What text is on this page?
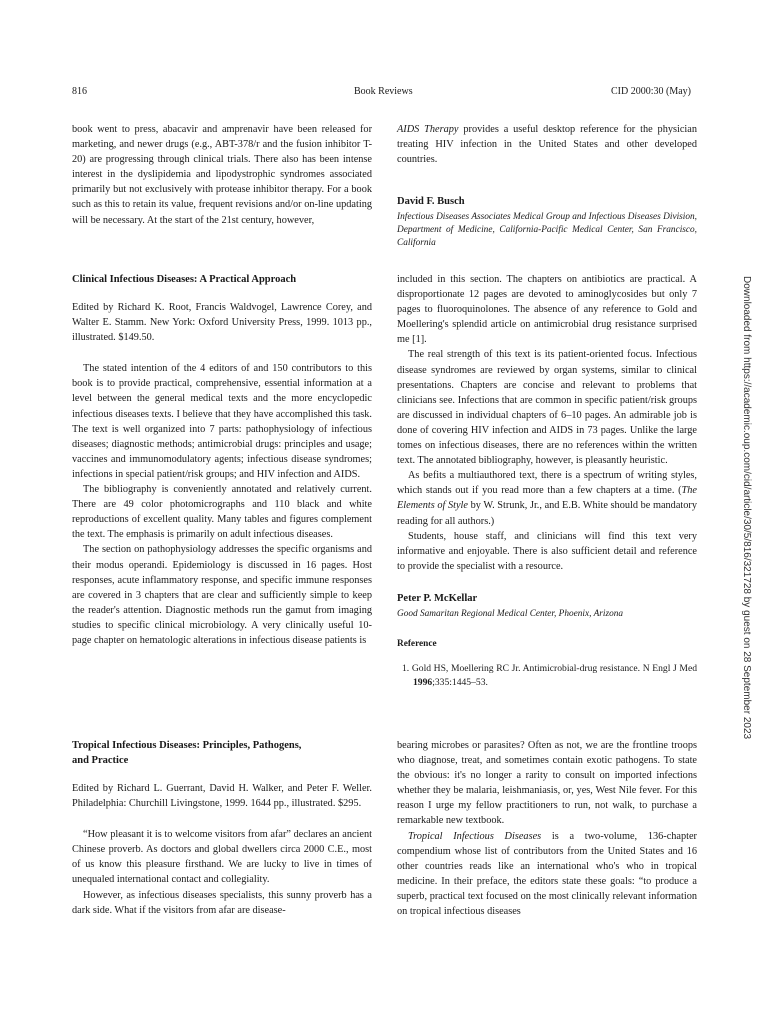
816	Book Reviews	CID 2000:30 (May)
Downloaded from https://academic.oup.com/cid/article/30/5/816/321728 by guest on 28 September 2023

book went to press, abacavir and amprenavir have been released for marketing, and newer drugs (e.g., ABT-378/r and the fusion inhibitor T-20) are progressing through clinical trials. There also has been intense interest in the dyslipidemia and lipodystrophic syndromes associated primarily but not exclusively with protease inhibitor therapy. For a book such as this to retain its value, frequent revisions and/or on-line updating will be necessary. At the start of the 21st century, however,

AIDS Therapy provides a useful desktop reference for the physician treating HIV infection in the United States and other developed countries.

David F. Busch

Infectious Diseases Associates Medical Group and Infectious Diseases Division, Department of Medicine, California-Pacific Medical Center, San Francisco, California

Clinical Infectious Diseases: A Practical Approach

Edited by Richard K. Root, Francis Waldvogel, Lawrence Corey, and Walter E. Stamm. New York: Oxford University Press, 1999. 1013 pp., illustrated. $149.50.

The stated intention of the 4 editors of and 150 contributors to this book is to provide practical, comprehensive, essential information at a level between the general medical texts and the more encyclopedic infectious diseases texts. I believe that they have accomplished this task. The text is well organized into 7 parts: pathophysiology of infectious diseases; diagnostic methods; antimicrobial drugs: principles and usage; vaccines and immunomodulatory agents; infectious disease syndromes; infections in special patient/risk groups; and HIV infection and AIDS.

The bibliography is conveniently annotated and relatively current. There are 49 color photomicrographs and 110 black and white reproductions of excellent quality. Many tables and figures complement the text. The emphasis is primarily on adult infectious diseases.

The section on pathophysiology addresses the specific organisms and their modus operandi. Epidemiology is discussed in 16 pages. Host responses, acute inflammatory response, and specific immune responses are covered in 3 chapters that are clear and sufficiently simple to keep the reader's attention. Diagnostic methods run the gamut from imaging studies to specific clinical microbiology. A very clinically useful 10-page chapter on hematologic alterations in infectious disease patients is

included in this section. The chapters on antibiotics are practical. A disproportionate 12 pages are devoted to aminoglycosides but only 7 pages to fluoroquinolones. The absence of any reference to Gold and Moellering's splendid article on antimicrobial drug resistance surprised me [1].

The real strength of this text is its patient-oriented focus. Infectious disease syndromes are reviewed by organ systems, similar to clinical presentations. Chapters are concise and relevant to problems that clinicians see. Infections that are common in specific patient/risk groups are discussed in individual chapters of 6–10 pages. An admirable job is done of covering HIV infection and AIDS in 73 pages. Unlike the large tomes on infectious diseases, there are no references within the written text. The annotated bibliography, however, is pleasantly heuristic.

As befits a multiauthored text, there is a spectrum of writing styles, which stands out if you read more than a few chapters at a time. (The Elements of Style by W. Strunk, Jr., and E.B. White should be mandatory reading for all authors.)

Students, house staff, and clinicians will find this text very informative and enjoyable. There is also sufficient detail and reference to provide the specialist with a resource.

Peter P. McKellar

Good Samaritan Regional Medical Center, Phoenix, Arizona

Reference

1. Gold HS, Moellering RC Jr. Antimicrobial-drug resistance. N Engl J Med 1996;335:1445–53.

Tropical Infectious Diseases: Principles, Pathogens,
and Practice

Edited by Richard L. Guerrant, David H. Walker, and Peter F. Weller. Philadelphia: Churchill Livingstone, 1999. 1644 pp., illustrated. $295.

“How pleasant it is to welcome visitors from afar” declares an ancient Chinese proverb. As doctors and global dwellers circa 2000 C.E., most of us know this pleasure firsthand. We are lucky to live in times of unequaled international contact and collegiality.

However, as infectious diseases specialists, this sunny proverb has a dark side. What if the visitors from afar are disease-

bearing microbes or parasites? Often as not, we are the frontline troops who diagnose, treat, and sometimes contain exotic pathogens. To state the obvious: it's no longer a rarity to consult on imported infections whether they be malaria, leishmaniasis, or, yes, West Nile fever. For this reason I urge my fellow practitioners to run, not walk, to purchase a remarkable new textbook.

Tropical Infectious Diseases is a two-volume, 136-chapter compendium whose list of contributors from the United States and 16 other countries reads like an international who's who in tropical medicine. In their preface, the editors state these goals: “to produce a superb, practical text focused on the most clinically relevant information on tropical infectious diseases
